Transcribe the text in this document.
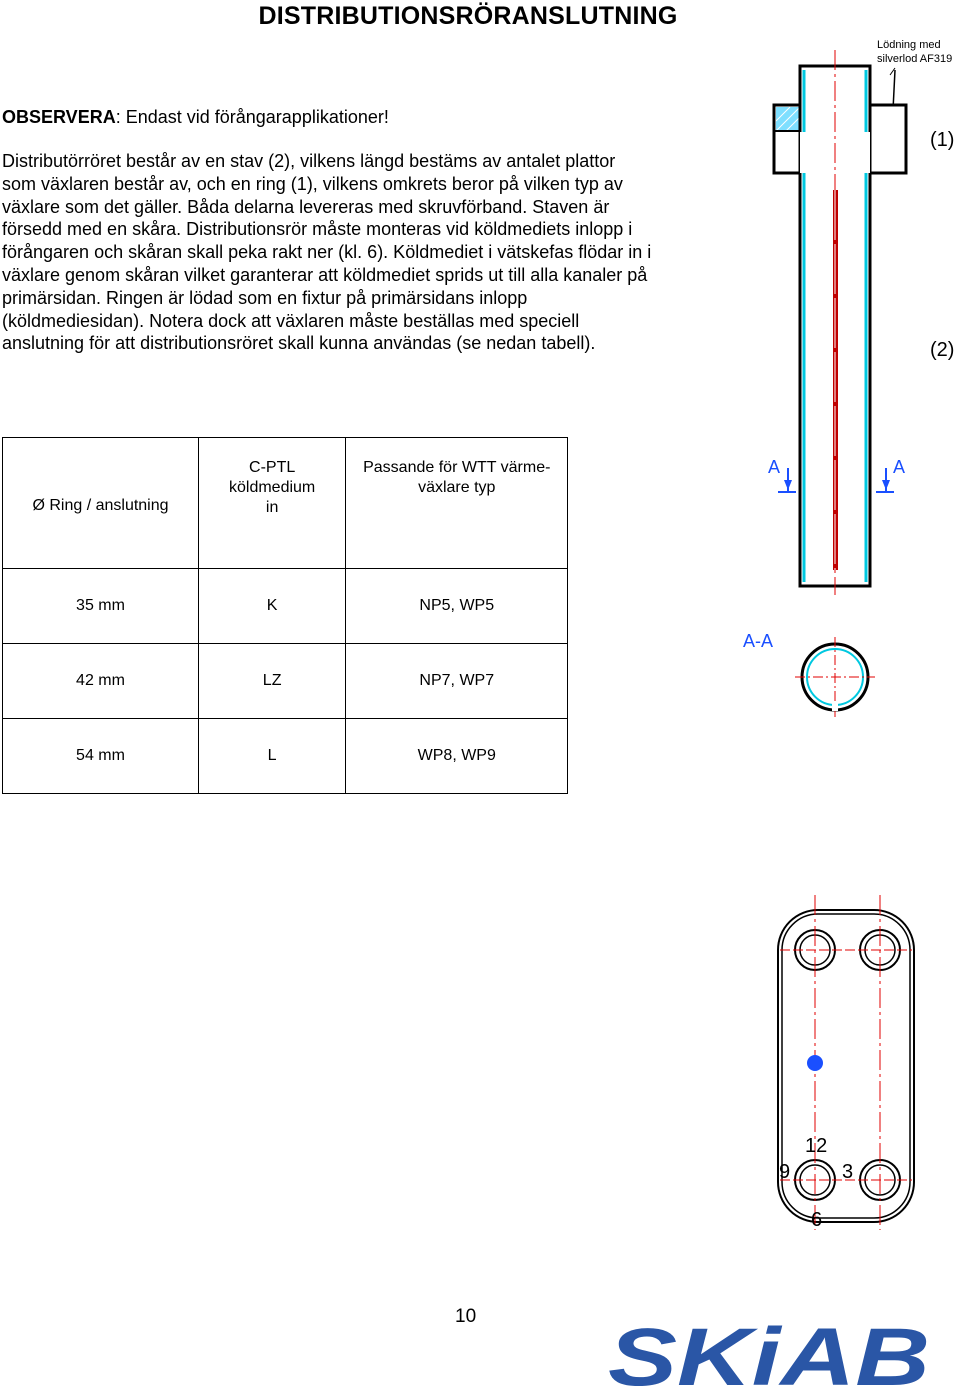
DISTRIBUTIONSRÖRANSLUTNING
Lödning med
silverlod AF319
OBSERVERA: Endast vid förångarapplikationer!
Distributörröret består av en stav (2), vilkens längd bestäms av antalet plattor som växlaren består av, och en ring (1), vilkens omkrets beror på vilken typ av växlare som det gäller. Båda delarna levereras med skruvförband. Staven är försedd med en skåra. Distributionsrör måste monteras vid köldmediets inlopp i förångaren och skåran skall peka rakt ner (kl. 6). Köldmediet i vätskefas flödar in i växlare genom skåran vilket garanterar att köldmediet sprids ut till alla kanaler på primärsidan. Ringen är lödad som en fixtur på primärsidans inlopp (köldmediesidan). Notera dock att växlaren måste beställas med speciell anslutning för att distributionsröret skall kunna användas (se nedan tabell).
Ø Ring / anslutning	C-PTL köldmedium in	Passande för WTT värme-växlare typ

35 mm	K	NP5, WP5
42 mm	LZ	NP7, WP7
54 mm	L	WP8, WP9
(1)
(2)
A	A
A-A
12
9	3
6
10 SKiAB
